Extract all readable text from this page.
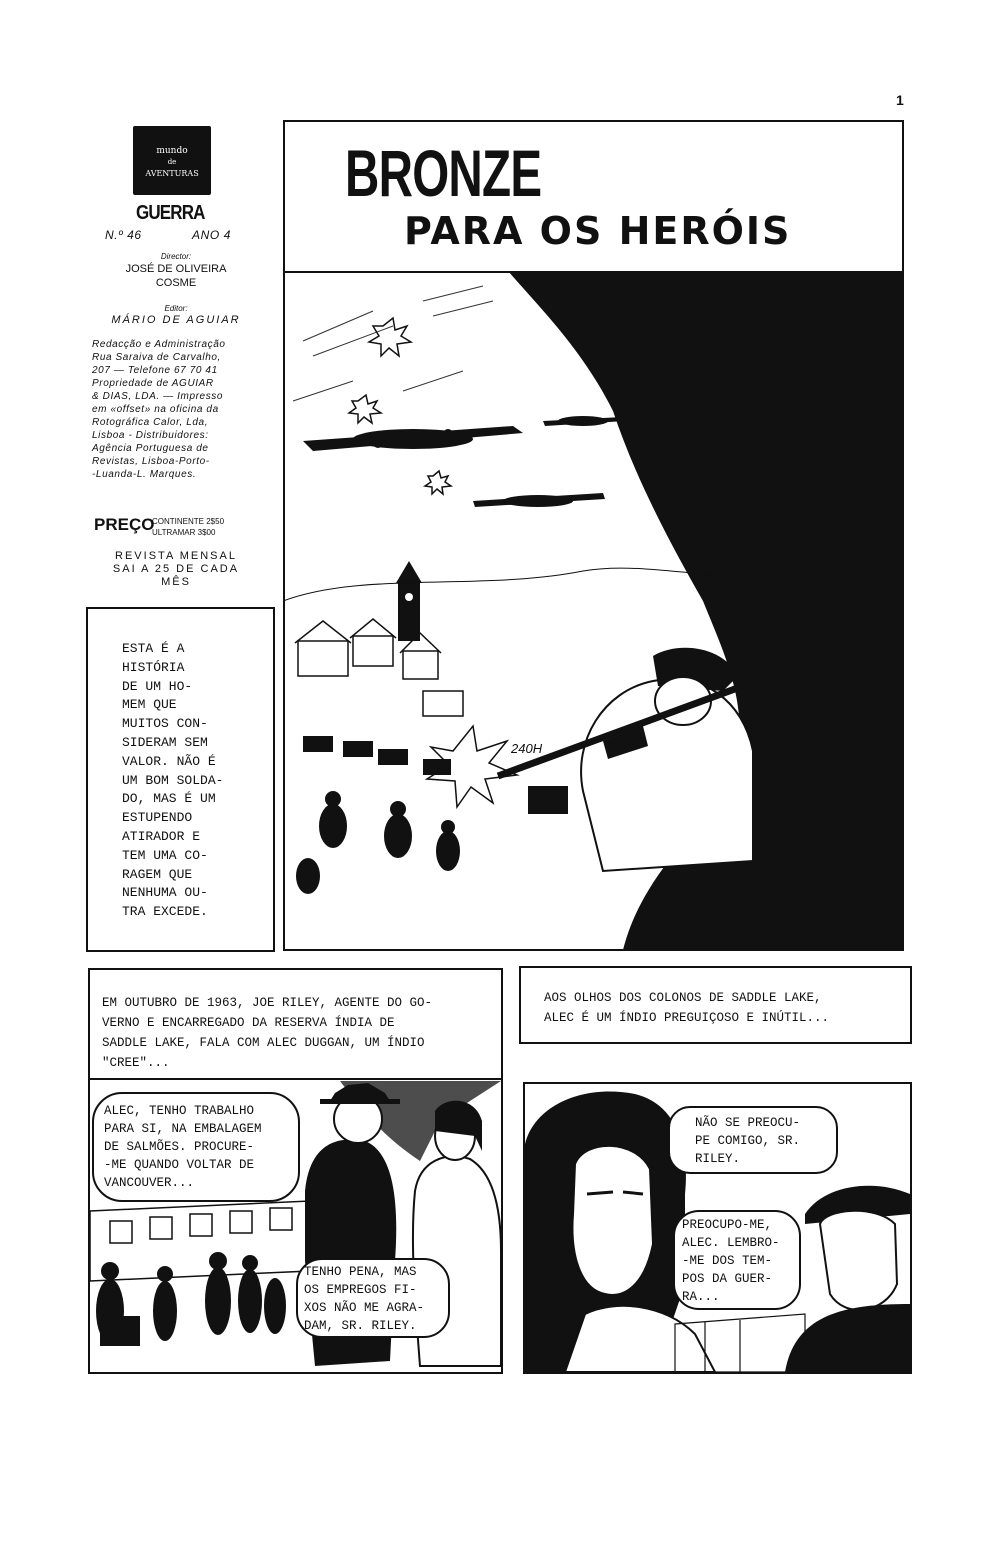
1
mundo
de
AVENTURAS
GUERRA
N.º 46	ANO 4
Director:
JOSÉ DE OLIVEIRA
COSME
Editor:
MÁRIO DE AGUIAR
Redacção e Administração
Rua Saraiva de Carvalho,
207 — Telefone 67 70 41
Propriedade de AGUIAR
& DIAS, LDA. — Impresso
em «offset» na oficina da
Rotográfica Calor, Lda,
Lisboa - Distribuidores:
Agência Portuguesa de
Revistas, Lisboa-Porto-
-Luanda-L. Marques.
PREÇO
CONTINENTE 2$50
ULTRAMAR 3$00
REVISTA MENSAL
SAI A 25 DE CADA
MÊS
BRONZE
PARA OS HERÓIS
240H
ESTA É A
HISTÓRIA
DE UM HO-
MEM QUE
MUITOS CON-
SIDERAM SEM
VALOR. NÃO É
UM BOM SOLDA-
DO, MAS É UM
ESTUPENDO
ATIRADOR E
TEM UMA CO-
RAGEM QUE
NENHUMA OU-
TRA EXCEDE.
EM OUTUBRO DE 1963, JOE RILEY, AGENTE DO GO-
VERNO E ENCARREGADO DA RESERVA ÍNDIA DE
SADDLE LAKE, FALA COM ALEC DUGGAN, UM ÍNDIO
"CREE"...
ALEC, TENHO TRABALHO
PARA SI, NA EMBALAGEM
DE SALMÕES. PROCURE-
-ME QUANDO VOLTAR DE
VANCOUVER...
TENHO PENA, MAS
OS EMPREGOS FI-
XOS NÃO ME AGRA-
DAM, SR. RILEY.
AOS OLHOS DOS COLONOS DE SADDLE LAKE,
ALEC É UM ÍNDIO PREGUIÇOSO E INÚTIL...
NÃO SE PREOCU-
PE COMIGO, SR.
RILEY.
PREOCUPO-ME,
ALEC. LEMBRO-
-ME DOS TEM-
POS DA GUER-
RA...
